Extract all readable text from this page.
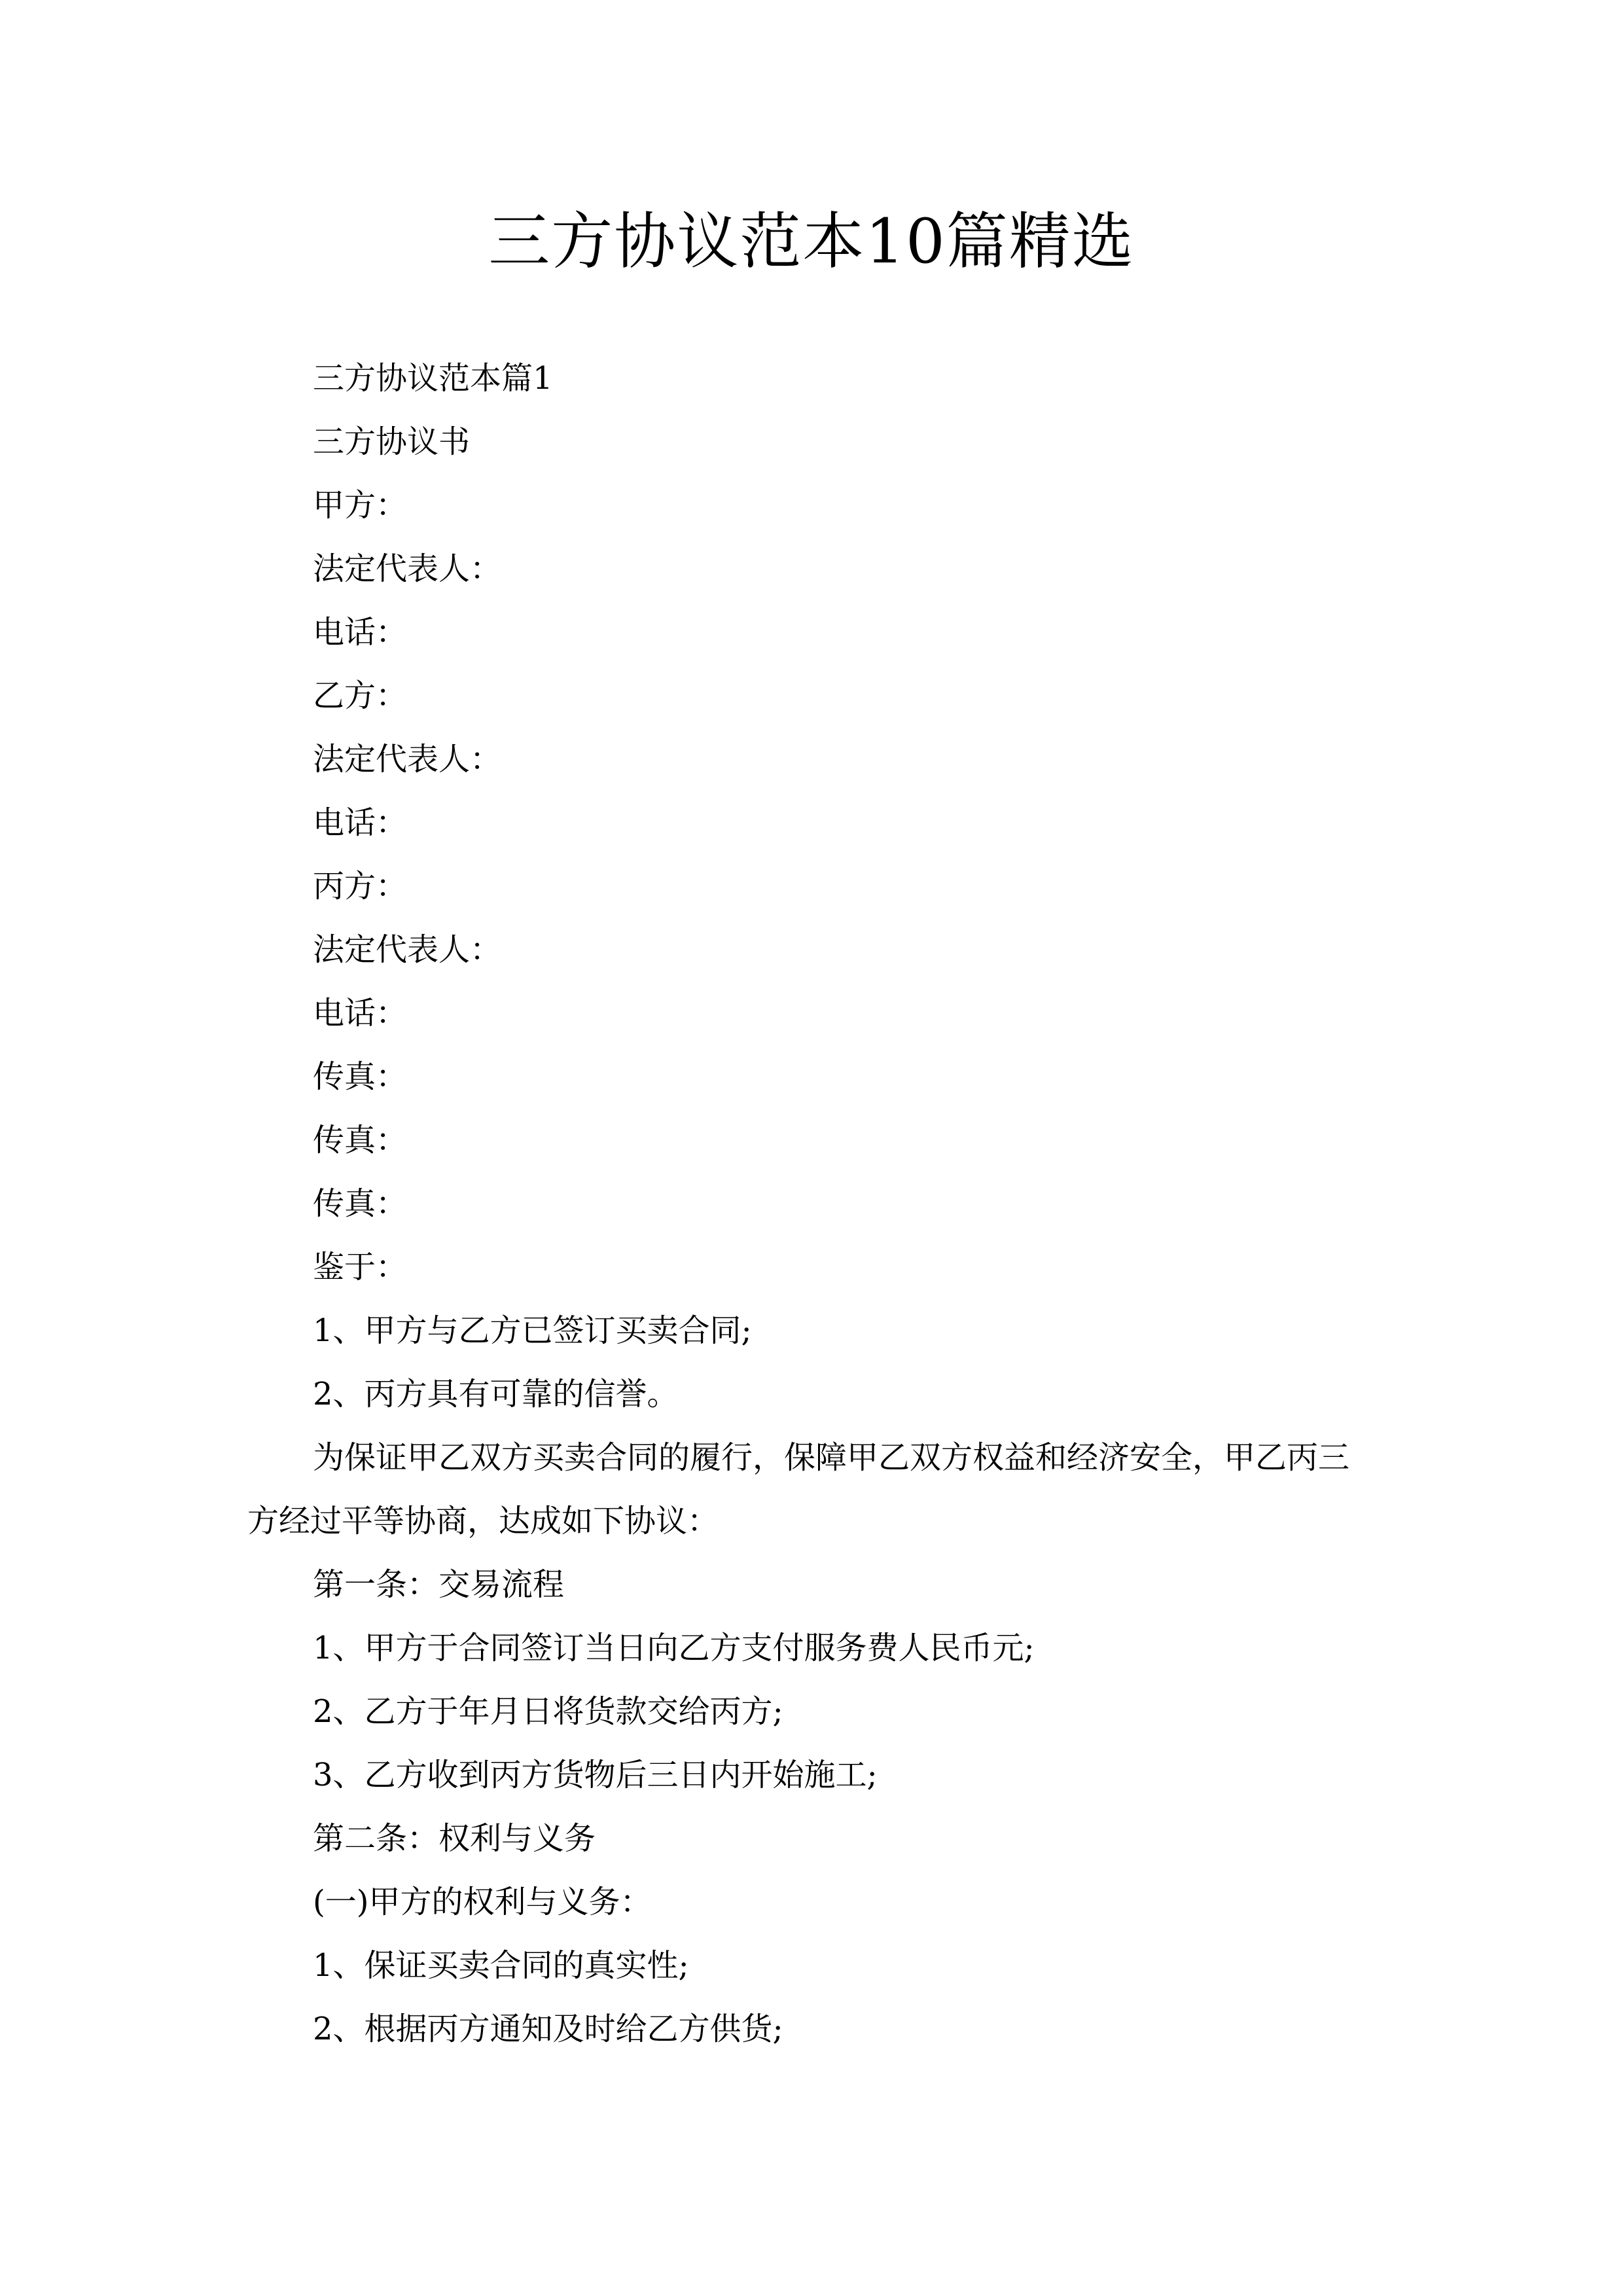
三方协议范本10篇精选

三方协议范本篇1

三方协议书

甲方：

法定代表人：

电话：

乙方：

法定代表人：

电话：

丙方：

法定代表人：

电话：

传真：

传真：

传真：

鉴于：

1、甲方与乙方已签订买卖合同;

2、丙方具有可靠的信誉。

为保证甲乙双方买卖合同的履行，保障甲乙双方权益和经济安全，甲乙丙三方经过平等协商，达成如下协议：

第一条：交易流程

1、甲方于合同签订当日向乙方支付服务费人民币元;

2、乙方于年月日将货款交给丙方;

3、乙方收到丙方货物后三日内开始施工;

第二条：权利与义务

(一)甲方的权利与义务：

1、保证买卖合同的真实性;

2、根据丙方通知及时给乙方供货;
